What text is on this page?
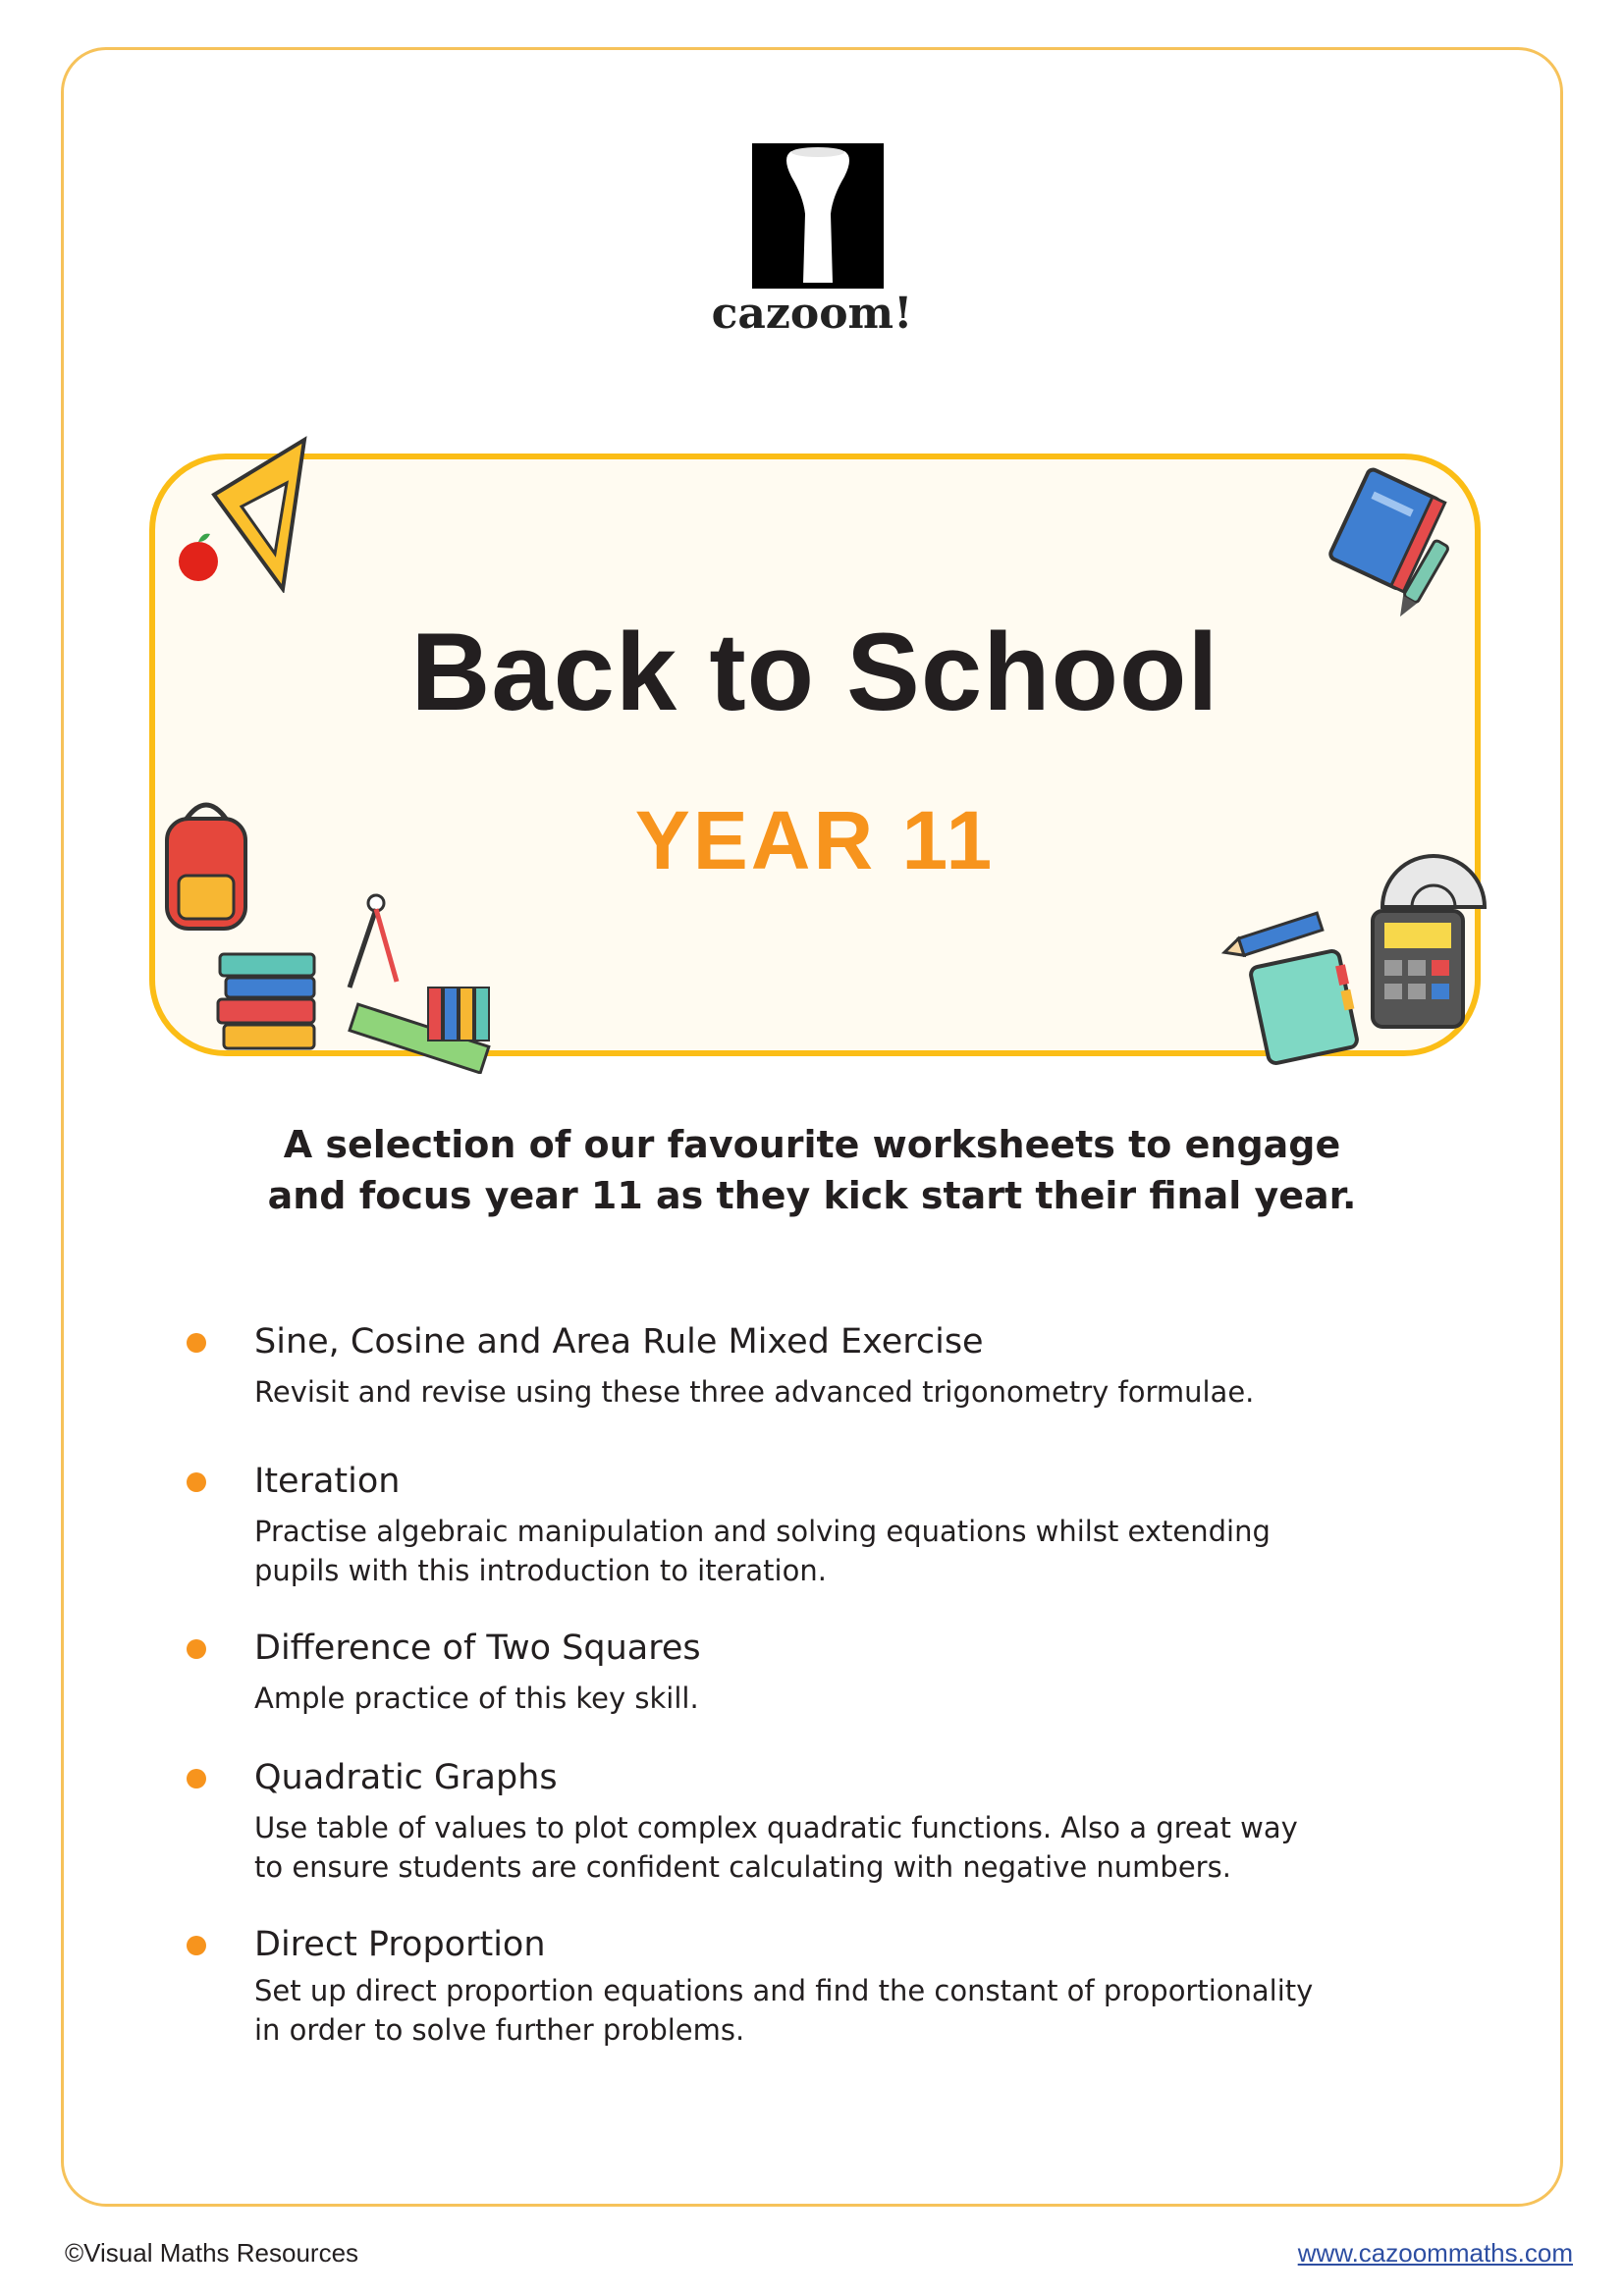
cazoom!
Back to School
YEAR 11
A selection of our favourite worksheets to engage
and focus year 11 as they kick start their final year.
Sine, Cosine and Area Rule Mixed Exercise
Revisit and revise using these three advanced trigonometry formulae.
Iteration
Practise algebraic manipulation and solving equations whilst extending
pupils with this introduction to iteration.
Difference of Two Squares
Ample practice of this key skill.
Quadratic Graphs
Use table of values to plot complex quadratic functions. Also a great way
to ensure students are confident calculating with negative numbers.
Direct Proportion
Set up direct proportion equations and find the constant of proportionality
in order to solve further problems.
©Visual Maths Resources	www.cazoommaths.com
